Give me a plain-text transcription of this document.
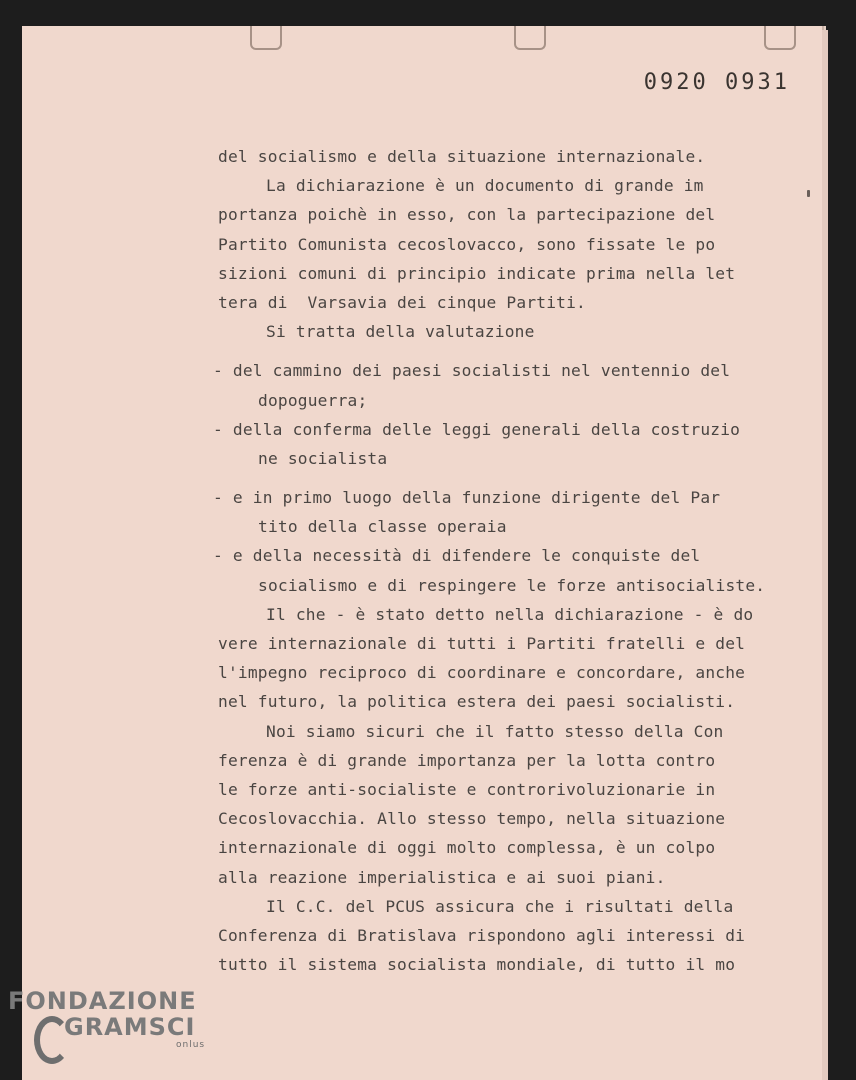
0920 0931
del socialismo e della situazione internazionale.
La dichiarazione è un documento di grande im
portanza poichè in esso, con la partecipazione del
Partito Comunista cecoslovacco, sono fissate le po
sizioni comuni di principio indicate prima nella let
tera di  Varsavia dei cinque Partiti.
Si tratta della valutazione
- del cammino dei paesi socialisti nel ventennio del
dopoguerra;
- della conferma delle leggi generali della costruzio
ne socialista
- e in primo luogo della funzione dirigente del Par
tito della classe operaia
- e della necessità di difendere le conquiste del
socialismo e di respingere le forze antisocialiste.
Il che - è stato detto nella dichiarazione - è do
vere internazionale di tutti i Partiti fratelli e del
l'impegno reciproco di coordinare e concordare, anche
nel futuro, la politica estera dei paesi socialisti.
Noi siamo sicuri che il fatto stesso della Con
ferenza è di grande importanza per la lotta contro
le forze anti-socialiste e controrivoluzionarie in
Cecoslovacchia. Allo stesso tempo, nella situazione
internazionale di oggi molto complessa, è un colpo
alla reazione imperialistica e ai suoi piani.
Il C.C. del PCUS assicura che i risultati della
Conferenza di Bratislava rispondono agli interessi di
tutto il sistema socialista mondiale, di tutto il mo
FONDAZIONE
GRAMSCI
onlus
